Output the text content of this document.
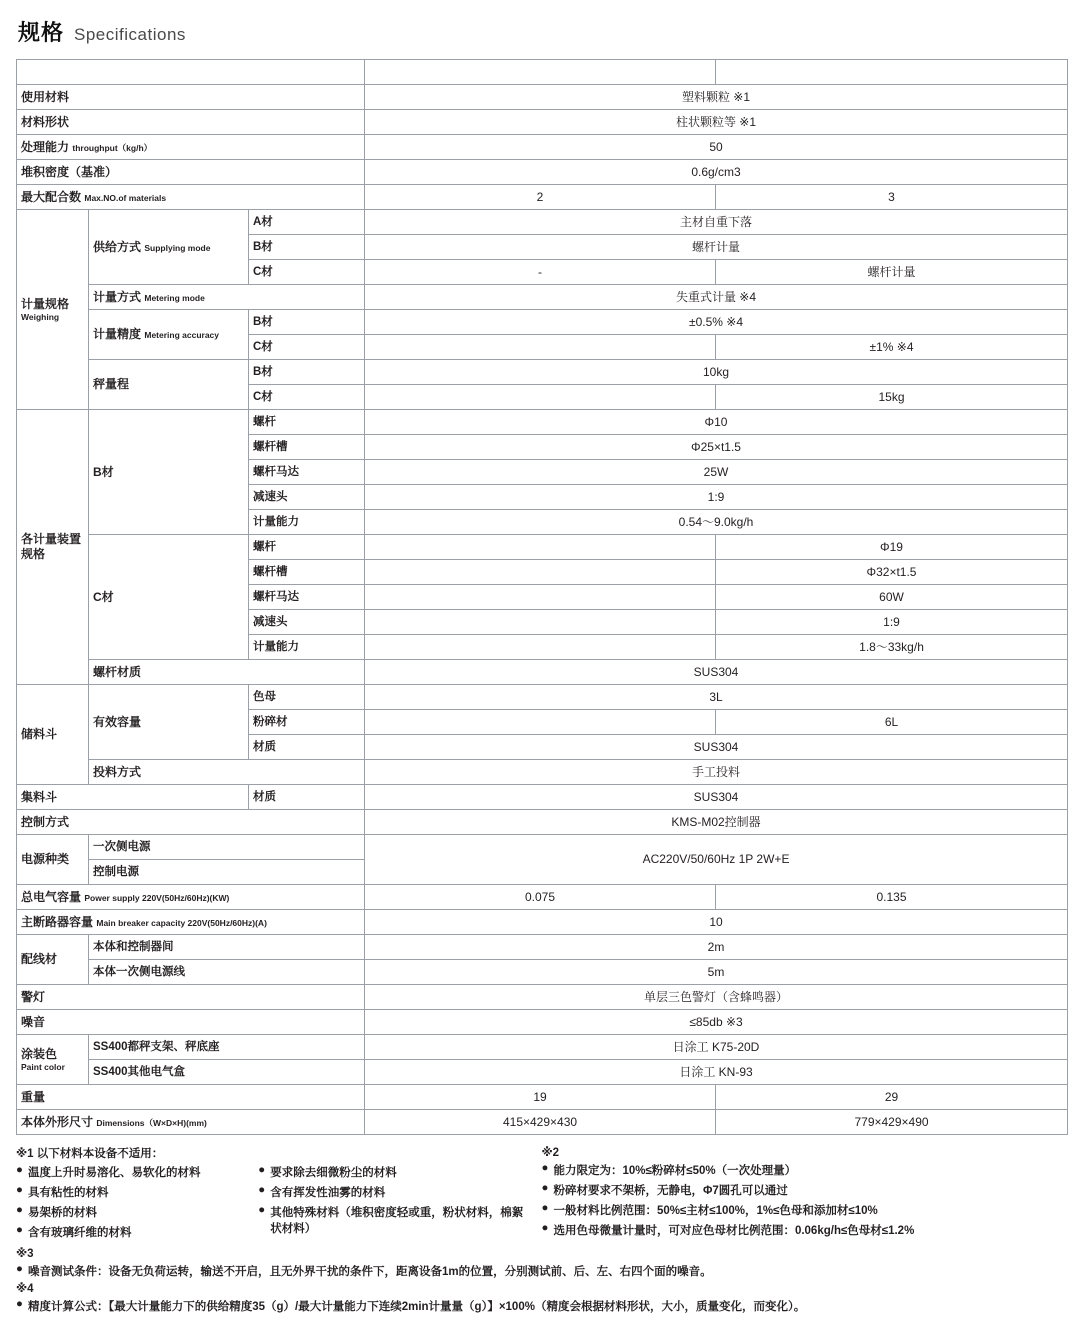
规格 Specifications
型号/Model			LWK-50/2-KS	LWK-50/3-KS
使用材料			塑料颗粒 ※1	
材料形状			柱状颗粒等 ※1	
处理能力 throughput（kg/h）			50	
堆积密度（基准）			0.6g/cm3	
最大配合数 Max.NO.of materials			2	3

计量规格
Weighing	供给方式 Supplying mode	A材	主材自重下落	
		B材	螺杆计量	
		C材	-	螺杆计量
	计量方式 Metering mode		失重式计量 ※4	
	计量精度 Metering accuracy	B材	±0.5% ※4	
		C材		±1% ※4
	秤量程	B材	10kg	
		C材		15kg
各计量装置规格	B材	螺杆	Φ10	
		螺杆槽	Φ25×t1.5	
		螺杆马达	25W	
		减速头	1:9	
		计量能力	0.54～9.0kg/h	
	C材	螺杆		Φ19
		螺杆槽		Φ32×t1.5
		螺杆马达		60W
		减速头		1:9
		计量能力		1.8～33kg/h
	螺杆材质		SUS304	
储料斗	有效容量	色母	3L	
		粉碎材		6L
		材质	SUS304	
	投料方式		手工投料	
集料斗		材质	SUS304	
控制方式			KMS-M02控制器	
电源种类	一次侧电源		AC220V/50/60Hz 1P 2W+E	
	控制电源			
总电气容量 Power supply 220V(50Hz/60Hz)(KW)			0.075	0.135
主断路器容量 Main breaker capacity 220V(50Hz/60Hz)(A)			10	
配线材	本体和控制器间		2m	
	本体一次侧电源线		5m	
警灯			单层三色警灯（含蜂鸣器）	
噪音			≤85db ※3	

涂装色
Paint color	SS400都秤支架、秤底座		日涂工 K75-20D	
	SS400其他电气盒		日涂工 KN-93	
重量			19	29
本体外形尺寸 Dimensions（W×D×H)(mm)			415×429×430	779×429×490
※1 以下材料本设备不适用：
● 温度上升时易溶化、易软化的材料
● 具有粘性的材料
● 易架桥的材料
● 含有玻璃纤维的材料
● 要求除去细微粉尘的材料
● 含有挥发性油雾的材料
● 其他特殊材料（堆积密度轻或重，粉状材料，棉絮状材料）
※2
● 能力限定为：10%≤粉碎材≤50%（一次处理量）
● 粉碎材要求不架桥，无静电，Φ7圆孔可以通过
● 一般材料比例范围：50%≤主材≤100%，1%≤色母和添加材≤10%
● 选用色母微量计量时，可对应色母材比例范围：0.06kg/h≤色母材≤1.2%
※3
● 噪音测试条件：设备无负荷运转，输送不开启，且无外界干扰的条件下，距离设备1m的位置，分别测试前、后、左、右四个面的噪音。
※4
● 精度计算公式：【最大计量能力下的供给精度35（g）/最大计量能力下连续2min计量量（g）】×100%（精度会根据材料形状，大小，质量变化，而变化）。
